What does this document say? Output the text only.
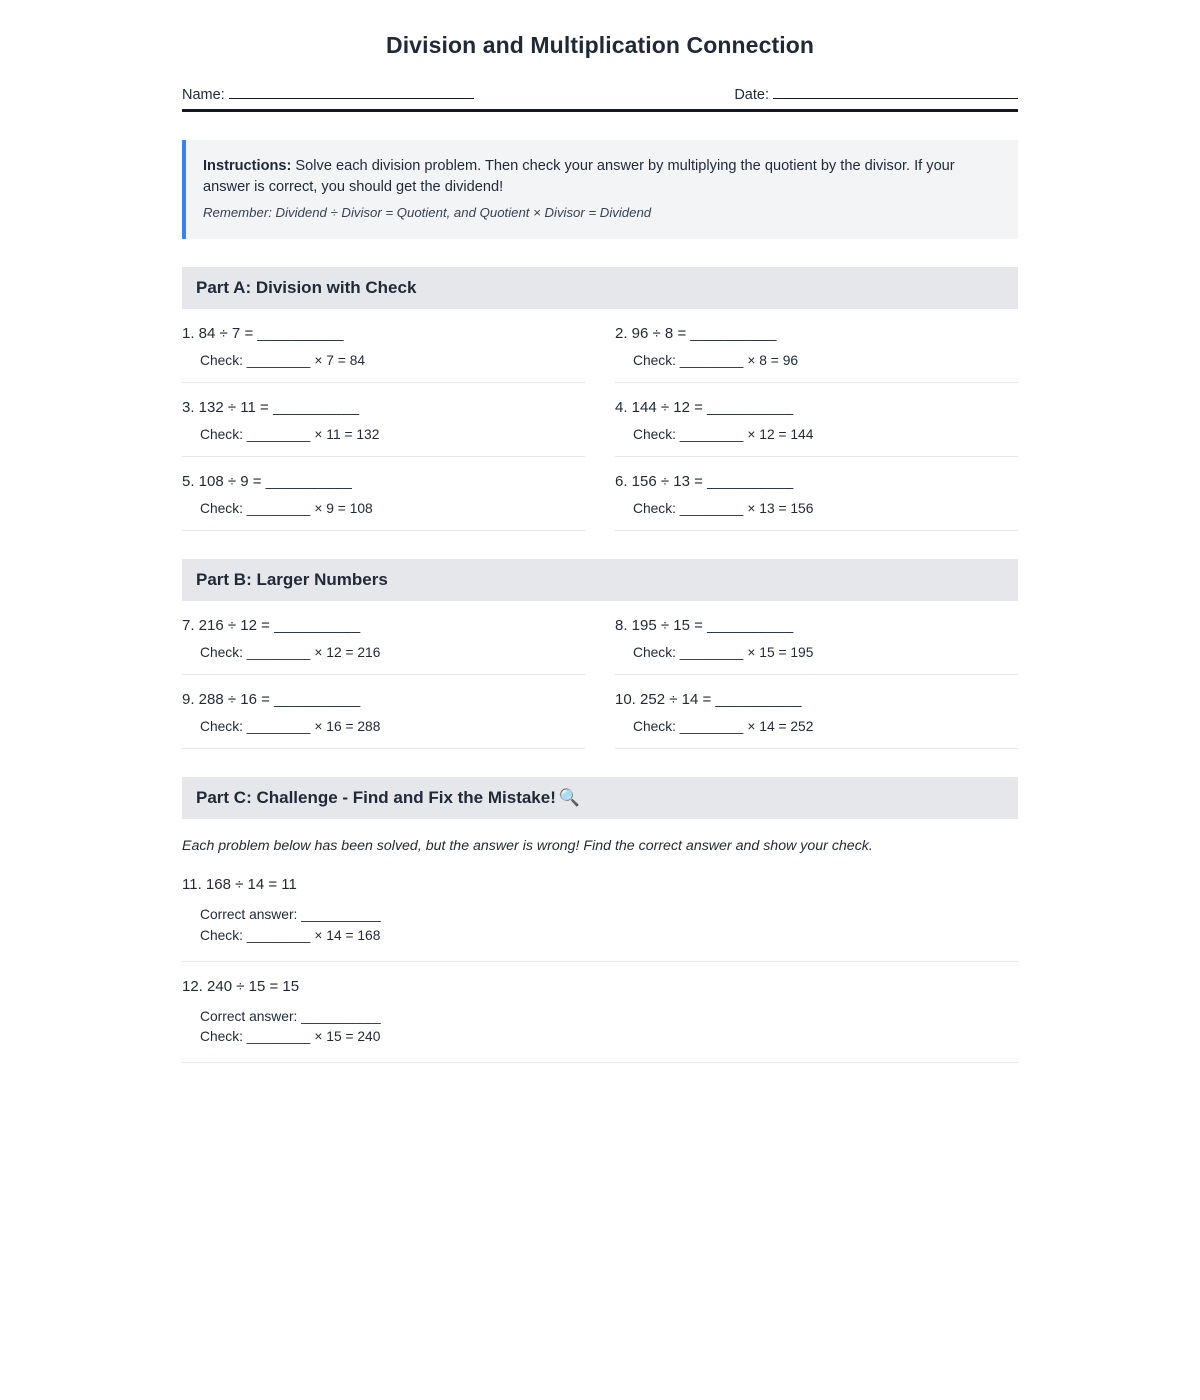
Division and Multiplication Connection
Name:	Date:

Instructions: Solve each division problem. Then check your answer by multiplying the quotient by the divisor. If your answer is correct, you should get the dividend!

Remember: Dividend ÷ Divisor = Quotient, and Quotient × Divisor = Dividend

Part A: Division with Check
1. 84 ÷ 7 = __________
Check: ________ × 7 = 84
2. 96 ÷ 8 = __________
Check: ________ × 8 = 96
3. 132 ÷ 11 = __________
Check: ________ × 11 = 132
4. 144 ÷ 12 = __________
Check: ________ × 12 = 144
5. 108 ÷ 9 = __________
Check: ________ × 9 = 108
6. 156 ÷ 13 = __________
Check: ________ × 13 = 156
Part B: Larger Numbers
7. 216 ÷ 12 = __________
Check: ________ × 12 = 216
8. 195 ÷ 15 = __________
Check: ________ × 15 = 195
9. 288 ÷ 16 = __________
Check: ________ × 16 = 288
10. 252 ÷ 14 = __________
Check: ________ × 14 = 252
Part C: Challenge - Find and Fix the Mistake! 🔍

Each problem below has been solved, but the answer is wrong! Find the correct answer and show your check.

11. 168 ÷ 14 = 11
Correct answer: __________
Check: ________ × 14 = 168
12. 240 ÷ 15 = 15
Correct answer: __________
Check: ________ × 15 = 240
